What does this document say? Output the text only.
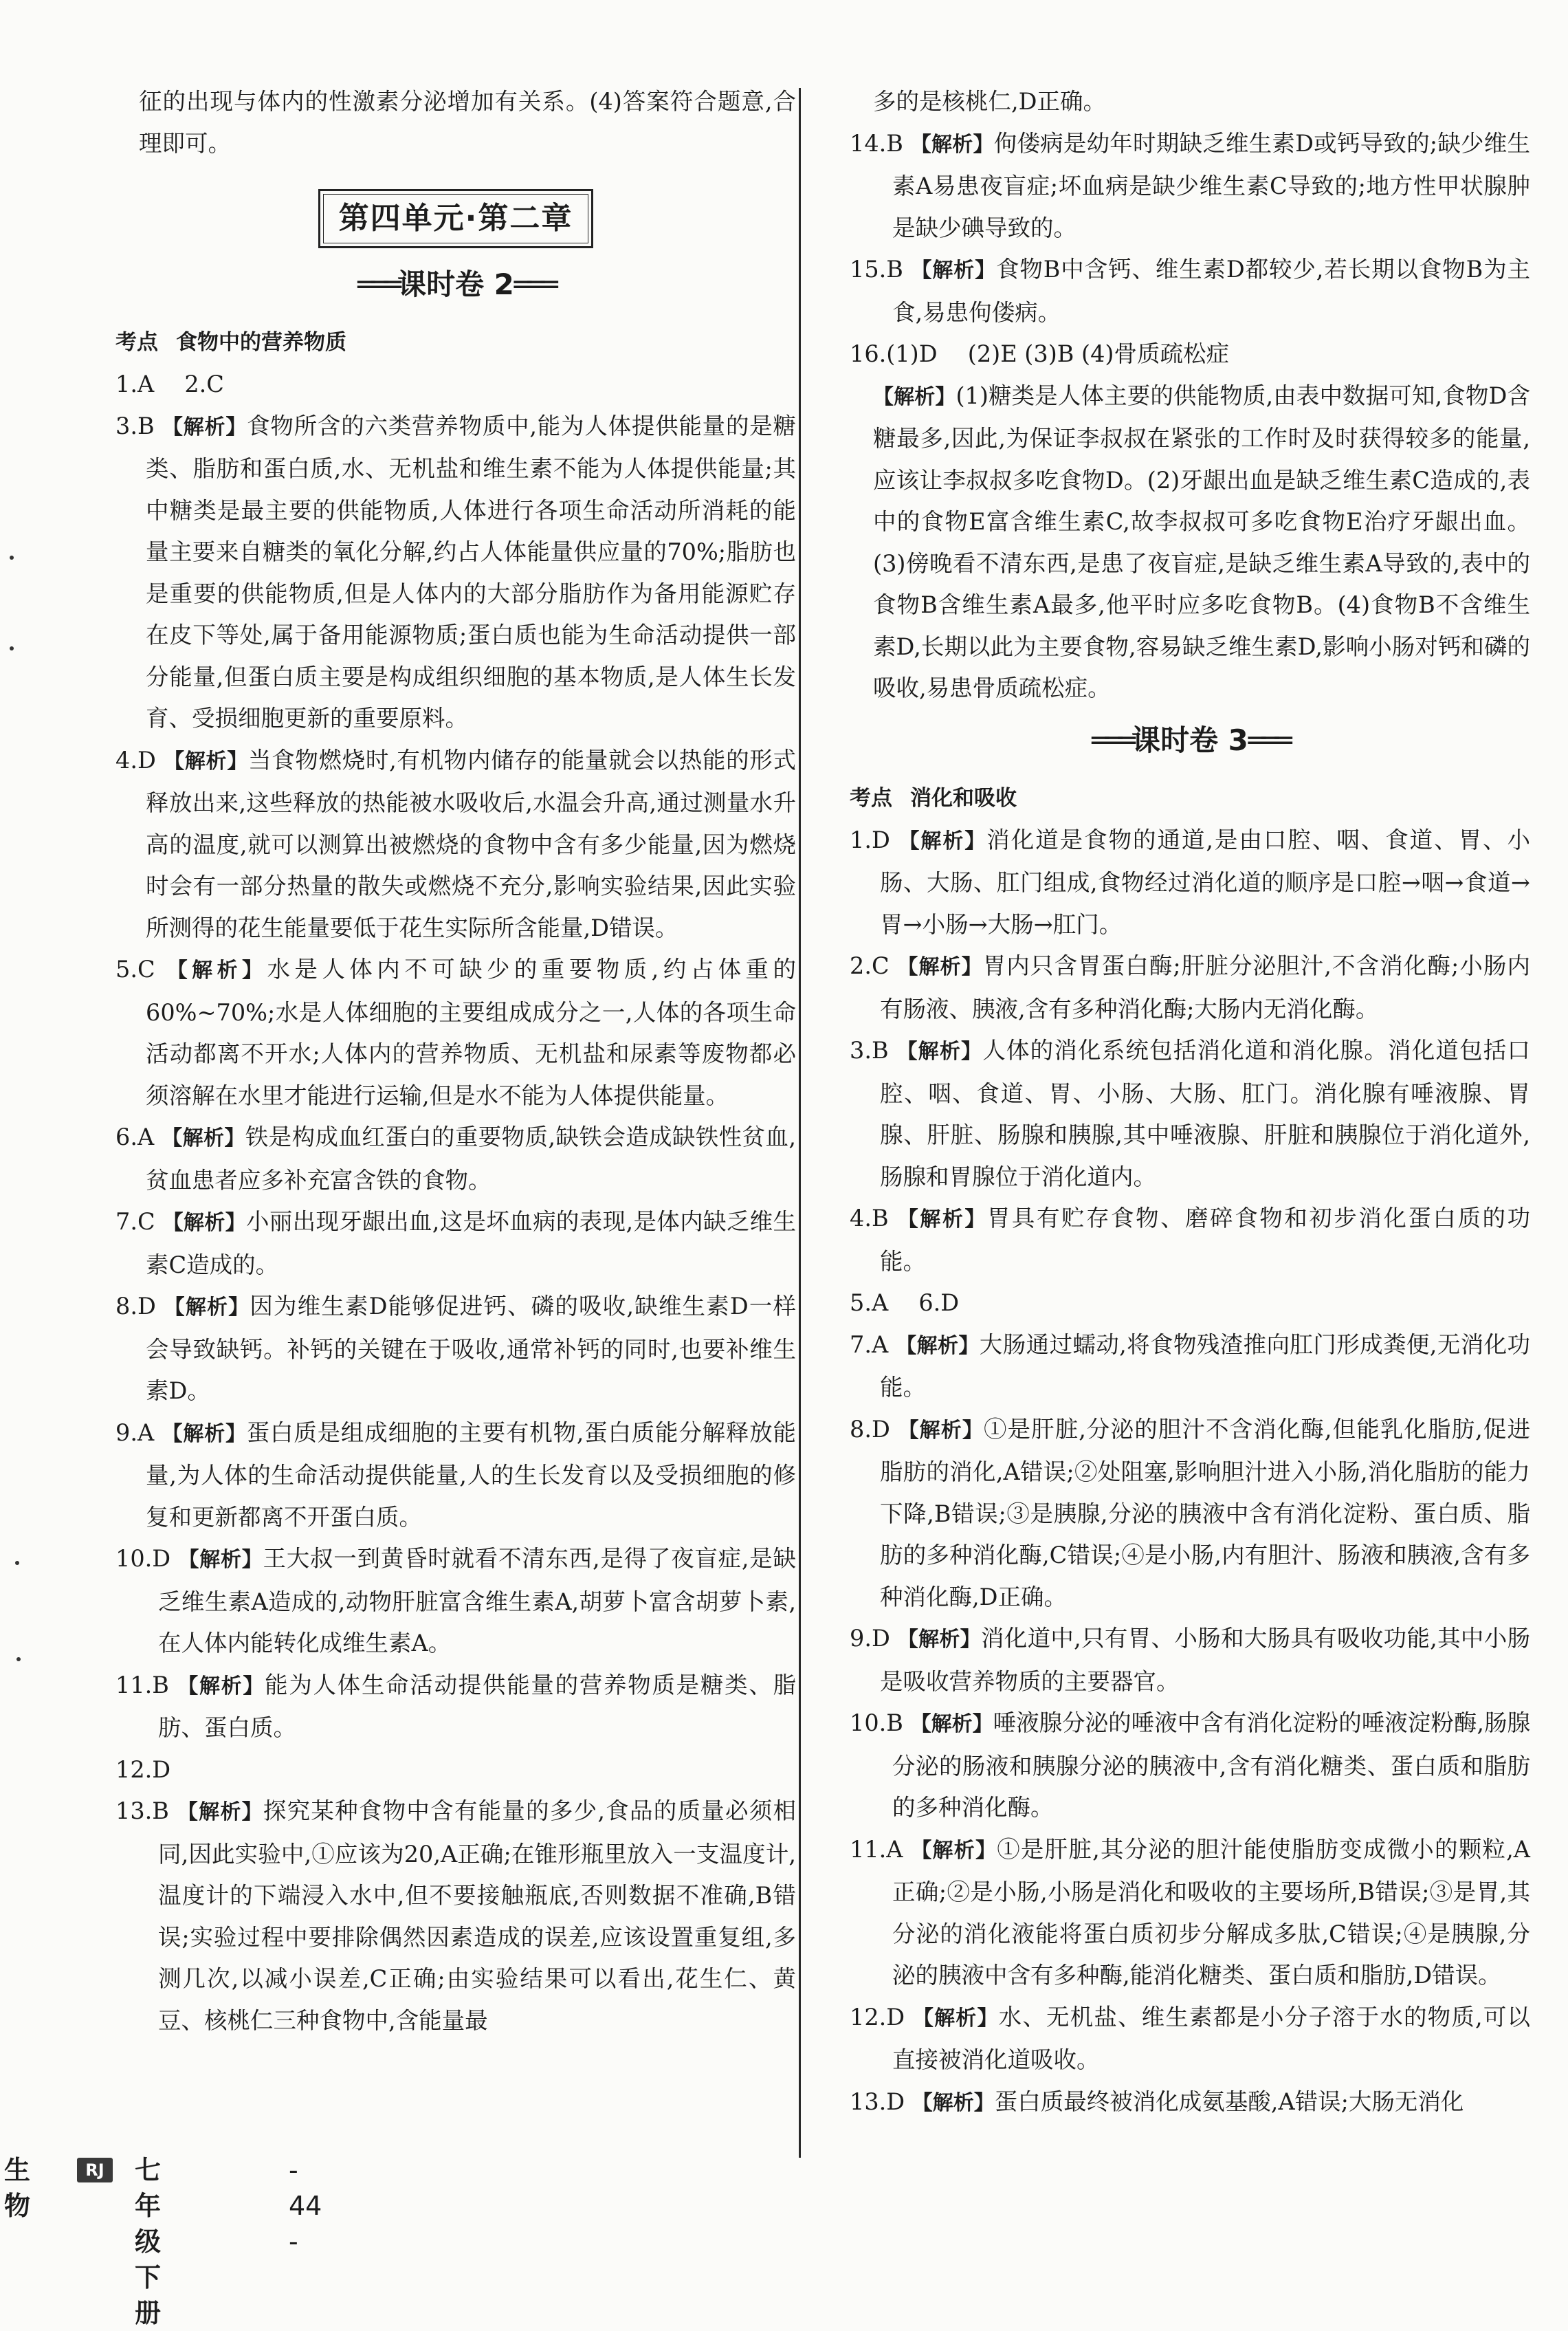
征的出现与体内的性激素分泌增加有关系。(4)答案符合题意,合理即可。

第四单元·第二章
═══课时卷 2═══

考点 食物中的营养物质

1.A   2.C

3.B 【解析】食物所含的六类营养物质中,能为人体提供能量的是糖类、脂肪和蛋白质,水、无机盐和维生素不能为人体提供能量;其中糖类是最主要的供能物质,人体进行各项生命活动所消耗的能量主要来自糖类的氧化分解,约占人体能量供应量的70%;脂肪也是重要的供能物质,但是人体内的大部分脂肪作为备用能源贮存在皮下等处,属于备用能源物质;蛋白质也能为生命活动提供一部分能量,但蛋白质主要是构成组织细胞的基本物质,是人体生长发育、受损细胞更新的重要原料。

4.D 【解析】当食物燃烧时,有机物内储存的能量就会以热能的形式释放出来,这些释放的热能被水吸收后,水温会升高,通过测量水升高的温度,就可以测算出被燃烧的食物中含有多少能量,因为燃烧时会有一部分热量的散失或燃烧不充分,影响实验结果,因此实验所测得的花生能量要低于花生实际所含能量,D错误。

5.C 【解析】水是人体内不可缺少的重要物质,约占体重的60%~70%;水是人体细胞的主要组成成分之一,人体的各项生命活动都离不开水;人体内的营养物质、无机盐和尿素等废物都必须溶解在水里才能进行运输,但是水不能为人体提供能量。

6.A 【解析】铁是构成血红蛋白的重要物质,缺铁会造成缺铁性贫血,贫血患者应多补充富含铁的食物。

7.C 【解析】小丽出现牙龈出血,这是坏血病的表现,是体内缺乏维生素C造成的。

8.D 【解析】因为维生素D能够促进钙、磷的吸收,缺维生素D一样会导致缺钙。补钙的关键在于吸收,通常补钙的同时,也要补维生素D。

9.A 【解析】蛋白质是组成细胞的主要有机物,蛋白质能分解释放能量,为人体的生命活动提供能量,人的生长发育以及受损细胞的修复和更新都离不开蛋白质。

10.D 【解析】王大叔一到黄昏时就看不清东西,是得了夜盲症,是缺乏维生素A造成的,动物肝脏富含维生素A,胡萝卜富含胡萝卜素,在人体内能转化成维生素A。

11.B 【解析】能为人体生命活动提供能量的营养物质是糖类、脂肪、蛋白质。

12.D

13.B 【解析】探究某种食物中含有能量的多少,食品的质量必须相同,因此实验中,①应该为20,A正确;在锥形瓶里放入一支温度计,温度计的下端浸入水中,但不要接触瓶底,否则数据不准确,B错误;实验过程中要排除偶然因素造成的误差,应该设置重复组,多测几次,以减小误差,C正确;由实验结果可以看出,花生仁、黄豆、核桃仁三种食物中,含能量最

多的是核桃仁,D正确。

14.B 【解析】佝偻病是幼年时期缺乏维生素D或钙导致的;缺少维生素A易患夜盲症;坏血病是缺少维生素C导致的;地方性甲状腺肿是缺少碘导致的。

15.B 【解析】食物B中含钙、维生素D都较少,若长期以食物B为主食,易患佝偻病。

16.(1)D   (2)E (3)B (4)骨质疏松症

【解析】(1)糖类是人体主要的供能物质,由表中数据可知,食物D含糖最多,因此,为保证李叔叔在紧张的工作时及时获得较多的能量,应该让李叔叔多吃食物D。(2)牙龈出血是缺乏维生素C造成的,表中的食物E富含维生素C,故李叔叔可多吃食物E治疗牙龈出血。(3)傍晚看不清东西,是患了夜盲症,是缺乏维生素A导致的,表中的食物B含维生素A最多,他平时应多吃食物B。(4)食物B不含维生素D,长期以此为主要食物,容易缺乏维生素D,影响小肠对钙和磷的吸收,易患骨质疏松症。

═══课时卷 3═══

考点 消化和吸收

1.D 【解析】消化道是食物的通道,是由口腔、咽、食道、胃、小肠、大肠、肛门组成,食物经过消化道的顺序是口腔→咽→食道→胃→小肠→大肠→肛门。

2.C 【解析】胃内只含胃蛋白酶;肝脏分泌胆汁,不含消化酶;小肠内有肠液、胰液,含有多种消化酶;大肠内无消化酶。

3.B 【解析】人体的消化系统包括消化道和消化腺。消化道包括口腔、咽、食道、胃、小肠、大肠、肛门。消化腺有唾液腺、胃腺、肝脏、肠腺和胰腺,其中唾液腺、肝脏和胰腺位于消化道外,肠腺和胃腺位于消化道内。

4.B 【解析】胃具有贮存食物、磨碎食物和初步消化蛋白质的功能。

5.A   6.D

7.A 【解析】大肠通过蠕动,将食物残渣推向肛门形成粪便,无消化功能。

8.D 【解析】①是肝脏,分泌的胆汁不含消化酶,但能乳化脂肪,促进脂肪的消化,A错误;②处阻塞,影响胆汁进入小肠,消化脂肪的能力下降,B错误;③是胰腺,分泌的胰液中含有消化淀粉、蛋白质、脂肪的多种消化酶,C错误;④是小肠,内有胆汁、肠液和胰液,含有多种消化酶,D正确。

9.D 【解析】消化道中,只有胃、小肠和大肠具有吸收功能,其中小肠是吸收营养物质的主要器官。

10.B 【解析】唾液腺分泌的唾液中含有消化淀粉的唾液淀粉酶,肠腺分泌的肠液和胰腺分泌的胰液中,含有消化糖类、蛋白质和脂肪的多种消化酶。

11.A 【解析】①是肝脏,其分泌的胆汁能使脂肪变成微小的颗粒,A正确;②是小肠,小肠是消化和吸收的主要场所,B错误;③是胃,其分泌的消化液能将蛋白质初步分解成多肽,C错误;④是胰腺,分泌的胰液中含有多种酶,能消化糖类、蛋白质和脂肪,D错误。

12.D 【解析】水、无机盐、维生素都是小分子溶于水的物质,可以直接被消化道吸收。

13.D 【解析】蛋白质最终被消化成氨基酸,A错误;大肠无消化

生物
RJ	七年级下册
- 44 -
